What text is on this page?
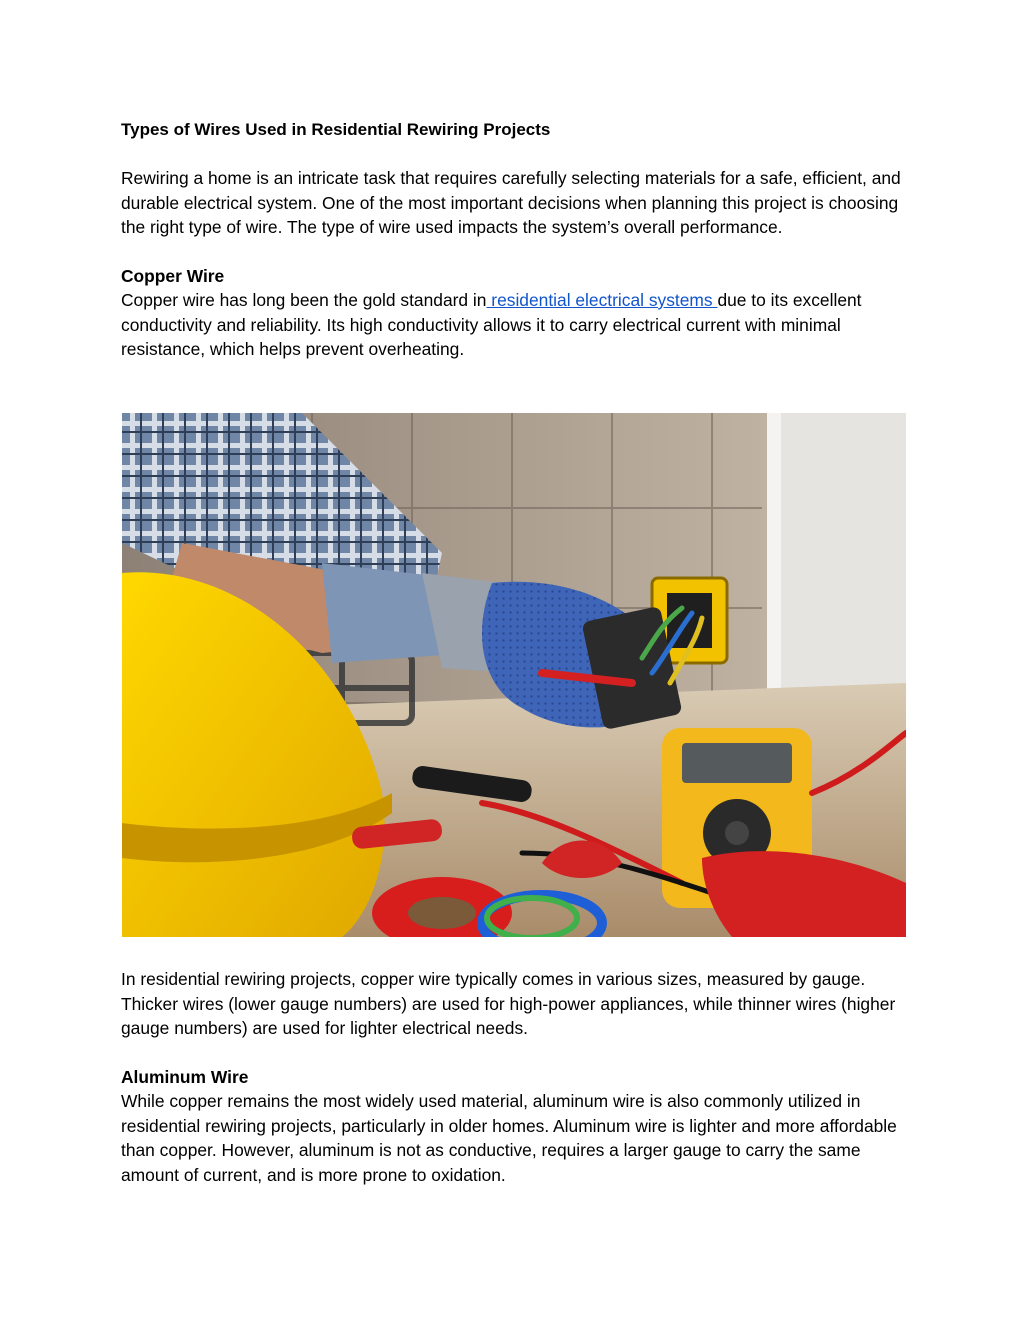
Types of Wires Used in Residential Rewiring Projects

Rewiring a home is an intricate task that requires carefully selecting materials for a safe, efficient, and durable electrical system. One of the most important decisions when planning this project is choosing the right type of wire. The type of wire used impacts the system’s overall performance.

Copper Wire

Copper wire has long been the gold standard in residential electrical systems due to its excellent conductivity and reliability. Its high conductivity allows it to carry electrical current with minimal resistance, which helps prevent overheating.

In residential rewiring projects, copper wire typically comes in various sizes, measured by gauge. Thicker wires (lower gauge numbers) are used for high-power appliances, while thinner wires (higher gauge numbers) are used for lighter electrical needs.

Aluminum Wire

While copper remains the most widely used material, aluminum wire is also commonly utilized in residential rewiring projects, particularly in older homes. Aluminum wire is lighter and more affordable than copper. However, aluminum is not as conductive, requires a larger gauge to carry the same amount of current, and is more prone to oxidation.
